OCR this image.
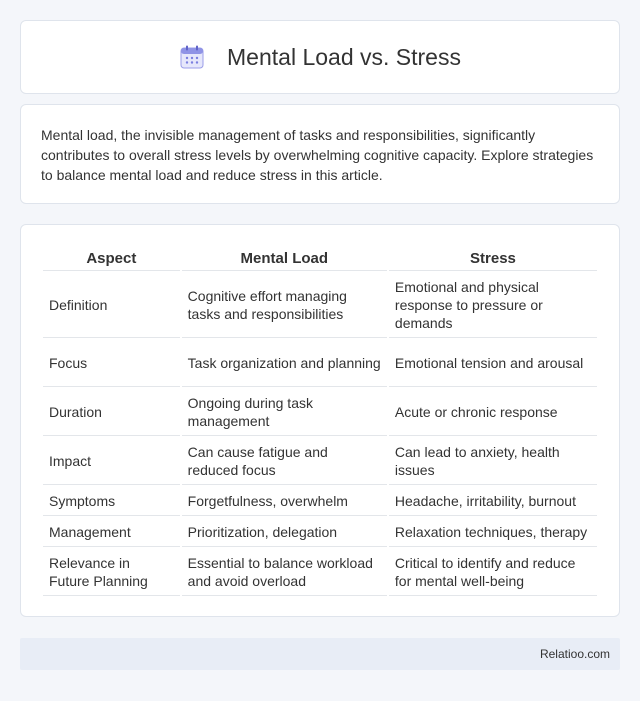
Mental Load vs. Stress

Mental load, the invisible management of tasks and responsibilities, significantly contributes to overall stress levels by overwhelming cognitive capacity. Explore strategies to balance mental load and reduce stress in this article.

Aspect	Mental Load	Stress
Definition	Cognitive effort managing tasks and responsibilities	Emotional and physical response to pressure or demands
Focus	Task organization and planning	Emotional tension and arousal
Duration	Ongoing during task management	Acute or chronic response
Impact	Can cause fatigue and reduced focus	Can lead to anxiety, health issues
Symptoms	Forgetfulness, overwhelm	Headache, irritability, burnout
Management	Prioritization, delegation	Relaxation techniques, therapy
Relevance in Future Planning	Essential to balance workload and avoid overload	Critical to identify and reduce for mental well-being
Relatioo.com
